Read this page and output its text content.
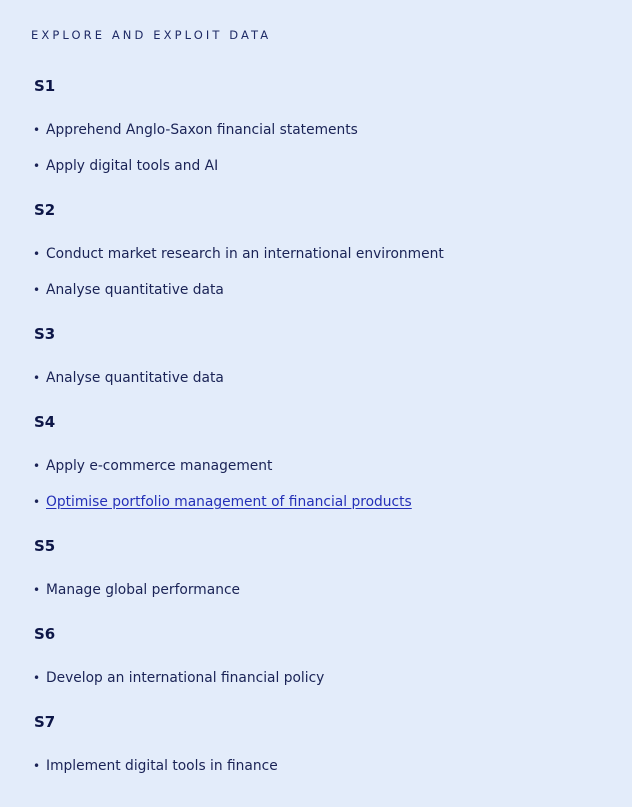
EXPLORE AND EXPLOIT DATA
S1
• Apprehend Anglo-Saxon financial statements
• Apply digital tools and AI
S2
• Conduct market research in an international environment
• Analyse quantitative data
S3
• Analyse quantitative data
S4
• Apply e-commerce management
• Optimise portfolio management of financial products
S5
• Manage global performance
S6
• Develop an international financial policy
S7
• Implement digital tools in finance
